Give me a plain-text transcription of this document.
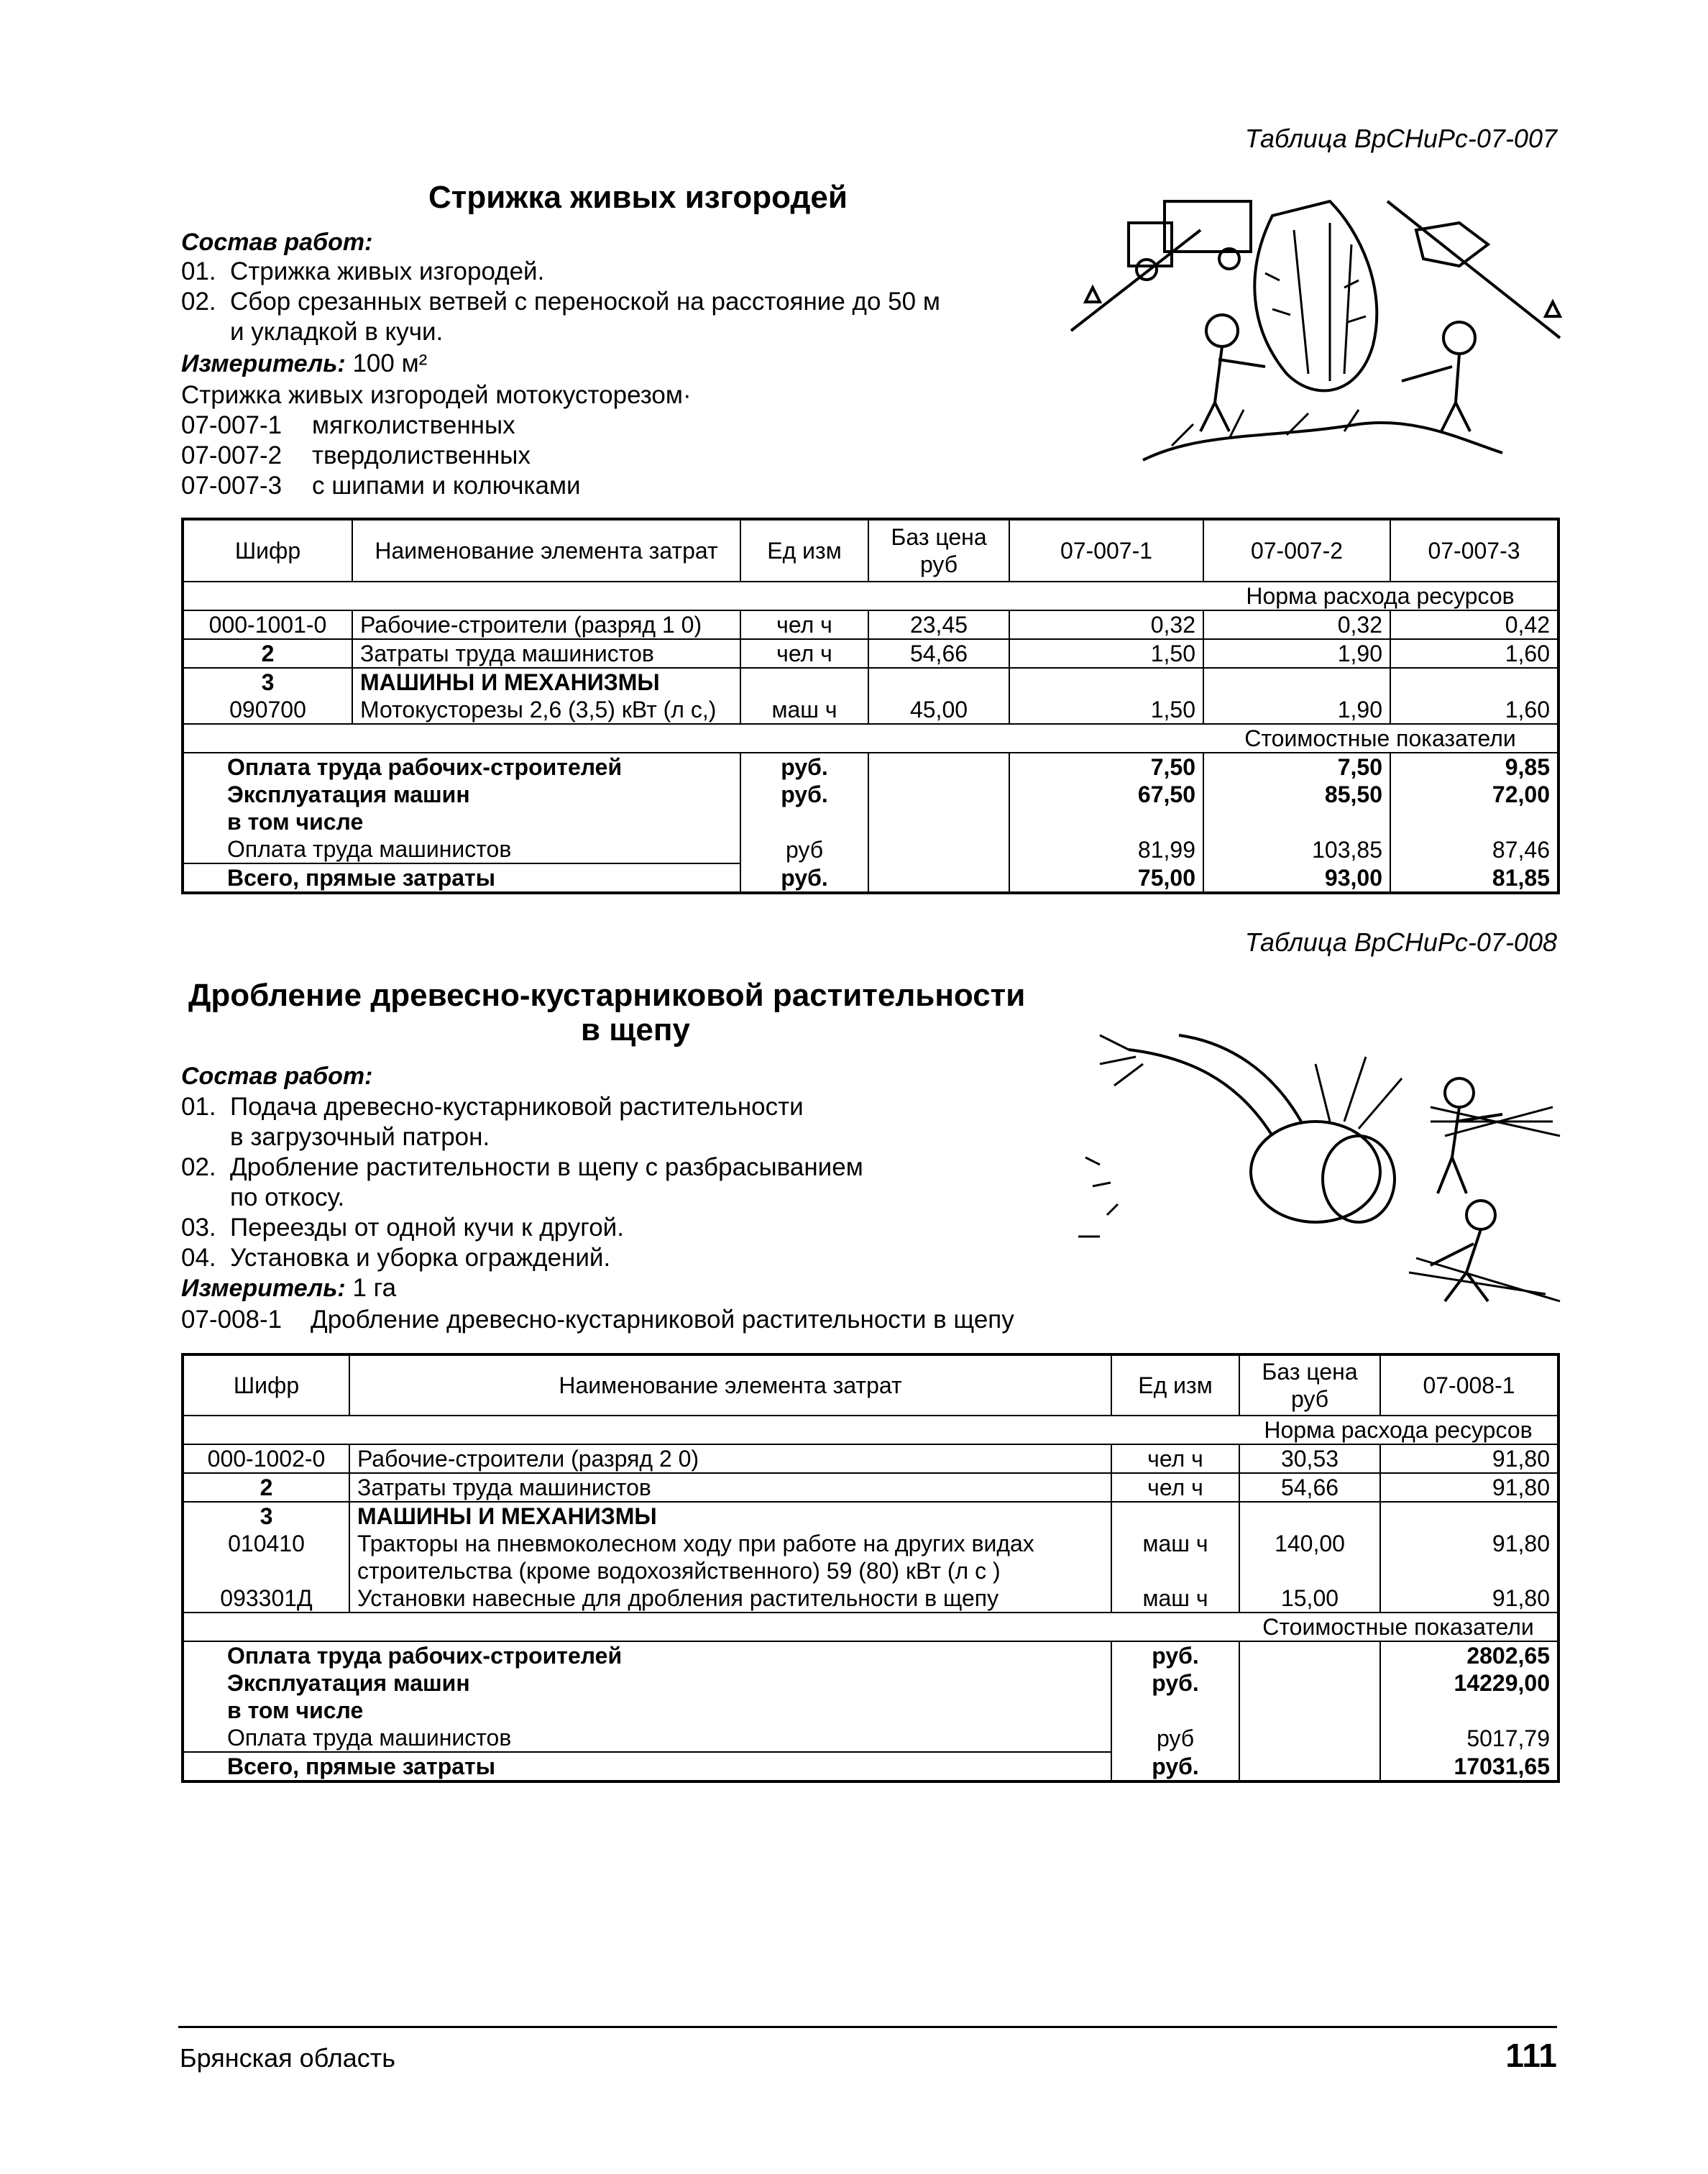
Таблица ВрСНиРс-07-007
Стрижка живых изгородей
Состав работ:
01. Стрижка живых изгородей.
02. Сбор срезанных ветвей с переноской на расстояние до 50 м
и укладкой в кучи.
Измеритель: 100 м²
Стрижка живых изгородей мотокусторезом·
07-007-1 мягколиственных
07-007-2 твердолиственных
07-007-3 с шипами и колючками
Шифр	Наименование элемента затрат	Ед изм	Баз цена руб	07-007-1	07-007-2	07-007-3
					Норма расхода ресурсов	
000-1001-0	Рабочие-строители (разряд 1 0)	чел ч	23,45	0,32	0,32	0,42
2	Затраты труда машинистов	чел ч	54,66	1,50	1,90	1,60
3	МАШИНЫ И МЕХАНИЗМЫ					
090700	Мотокусторезы 2,6 (3,5) кВт (л с,)	маш ч	45,00	1,50	1,90	1,60
					Стоимостные показатели	
Оплата труда рабочих-строителей		руб.		7,50	7,50	9,85
Эксплуатация машин		руб.		67,50	85,50	72,00
в том числе						
Оплата труда машинистов		руб		81,99	103,85	87,46
Всего, прямые затраты		руб.		75,00	93,00	81,85
Таблица ВрСНиРс-07-008
Дробление древесно-кустарниковой растительности
в щепу
Состав работ:
01. Подача древесно-кустарниковой растительности
в загрузочный патрон.
02. Дробление растительности в щепу с разбрасыванием
по откосу.
03. Переезды от одной кучи к другой.
04. Установка и уборка ограждений.
Измеритель: 1 га
07-008-1 Дробление древесно-кустарниковой растительности в щепу
Шифр	Наименование элемента затрат	Ед изм	Баз цена руб	07-008-1
			Норма расхода ресурсов	
000-1002-0	Рабочие-строители (разряд 2 0)	чел ч	30,53	91,80
2	Затраты труда машинистов	чел ч	54,66	91,80
3	МАШИНЫ И МЕХАНИЗМЫ			
010410	Тракторы на пневмоколесном ходу при работе на других видах строительства (кроме водохозяйственного) 59 (80) кВт (л с )	маш ч	140,00	91,80
093301Д	Установки навесные для дробления растительности в щепу	маш ч	15,00	91,80
			Стоимостные показатели	
Оплата труда рабочих-строителей		руб.		2802,65
Эксплуатация машин		руб.		14229,00
в том числе				
Оплата труда машинистов		руб		5017,79
Всего, прямые затраты		руб.		17031,65
Брянская область	111
